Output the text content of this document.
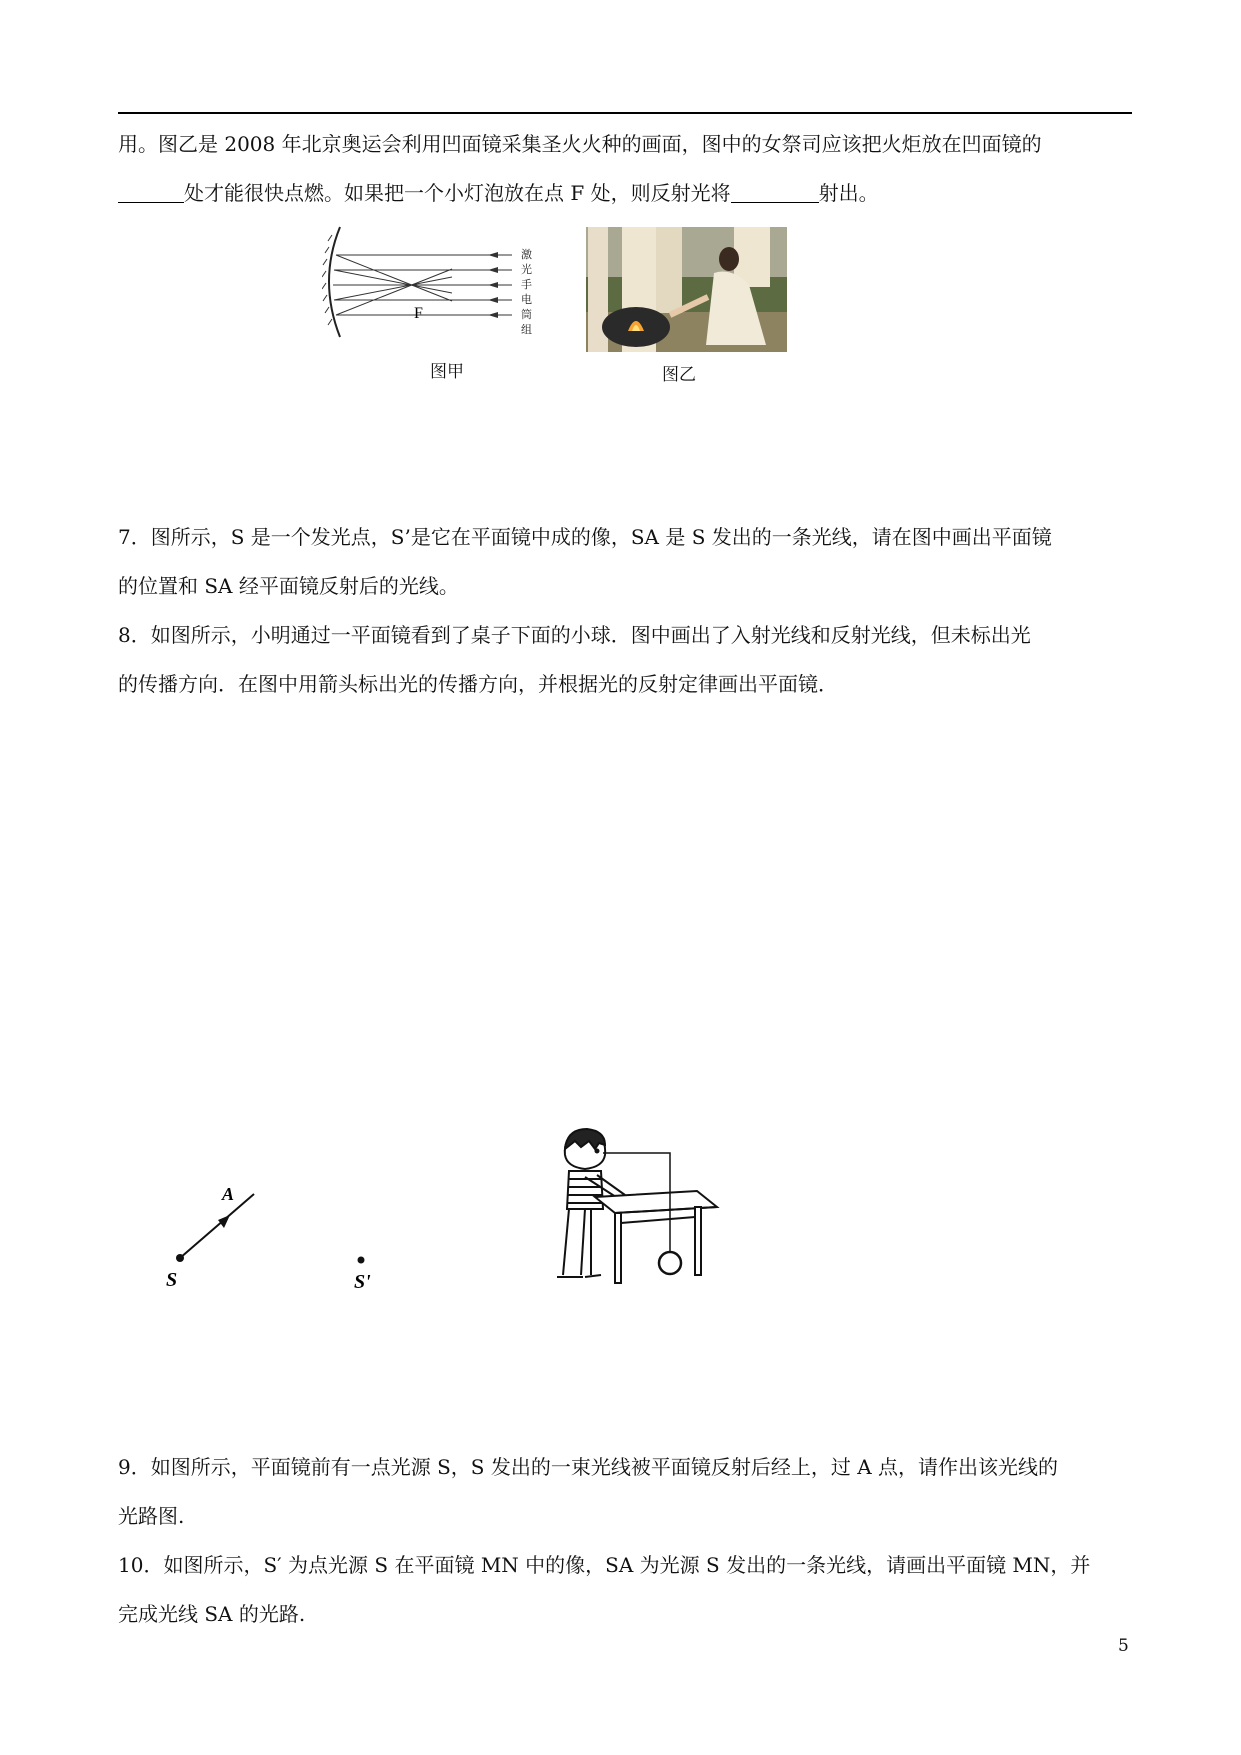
用。图乙是 2008 年北京奥运会利用凹面镜采集圣火火种的画面，图中的女祭司应该把火炬放在凹面镜的

处才能很快点燃。如果把一个小灯泡放在点 F 处，则反射光将	射出。

F
激
光
手
电
筒
组
图甲	图乙

7．图所示，S 是一个发光点，S’是它在平面镜中成的像，SA 是 S 发出的一条光线，请在图中画出平面镜

的位置和 SA 经平面镜反射后的光线。

8．如图所示，小明通过一平面镜看到了桌子下面的小球．图中画出了入射光线和反射光线，但未标出光

的传播方向．在图中用箭头标出光的传播方向，并根据光的反射定律画出平面镜．

A
S	S'

9．如图所示，平面镜前有一点光源 S，S 发出的一束光线被平面镜反射后经上，过 A 点，请作出该光线的

光路图.

10．如图所示，S′ 为点光源 S 在平面镜 MN 中的像，SA 为光源 S 发出的一条光线，请画出平面镜 MN，并

完成光线 SA 的光路.

5
